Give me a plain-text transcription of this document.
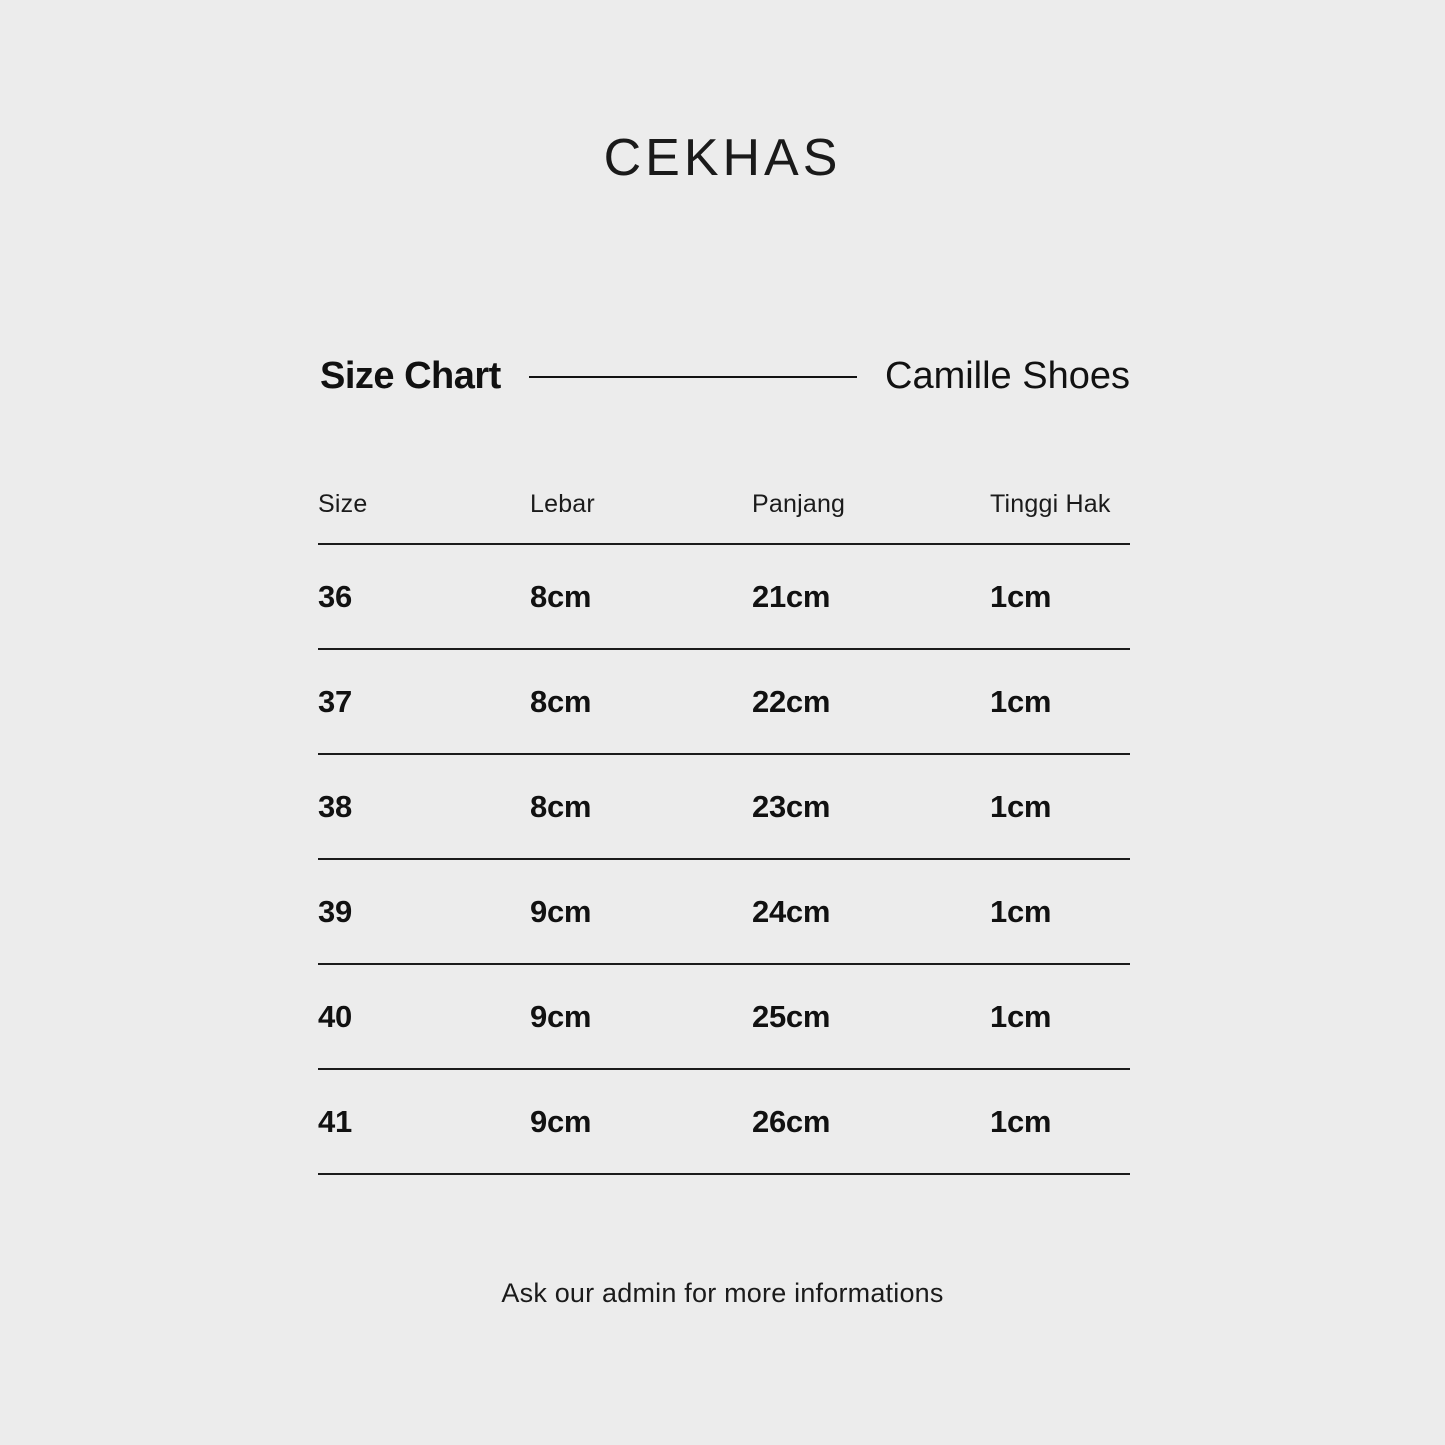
CEKHAS
Size Chart	Camille Shoes
Size	Lebar	Panjang	Tinggi Hak
36	8cm	21cm	1cm
37	8cm	22cm	1cm
38	8cm	23cm	1cm
39	9cm	24cm	1cm
40	9cm	25cm	1cm
41	9cm	26cm	1cm
Ask our admin for more informations
